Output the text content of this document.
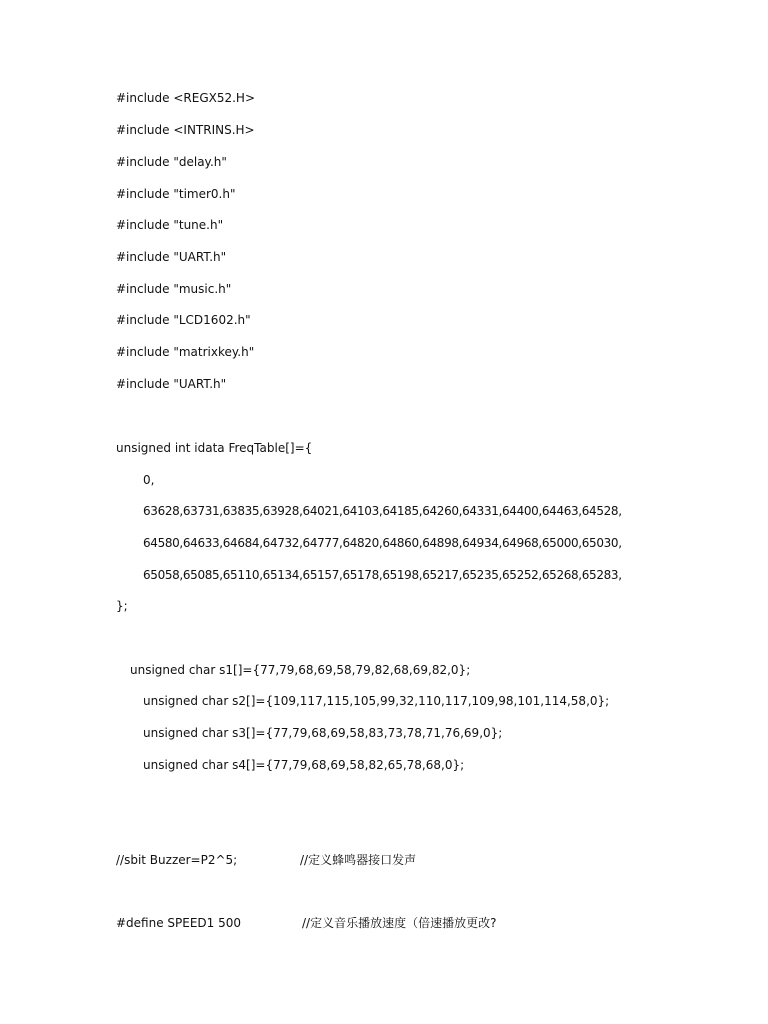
#include <REGX52.H>
#include <INTRINS.H>
#include "delay.h"
#include "timer0.h"
#include "tune.h"
#include "UART.h"
#include "music.h"
#include "LCD1602.h"
#include "matrixkey.h"
#include "UART.h"
unsigned int idata FreqTable[]={
0,
63628,63731,63835,63928,64021,64103,64185,64260,64331,64400,64463,64528,
64580,64633,64684,64732,64777,64820,64860,64898,64934,64968,65000,65030,
65058,65085,65110,65134,65157,65178,65198,65217,65235,65252,65268,65283,
};
unsigned char s1[]={77,79,68,69,58,79,82,68,69,82,0};
unsigned char s2[]={109,117,115,105,99,32,110,117,109,98,101,114,58,0};
unsigned char s3[]={77,79,68,69,58,83,73,78,71,76,69,0};
unsigned char s4[]={77,79,68,69,58,82,65,78,68,0};
//sbit Buzzer=P2^5;	//定义蜂鸣器接口发声
#define SPEED1 500	//定义音乐播放速度（倍速播放更改?
